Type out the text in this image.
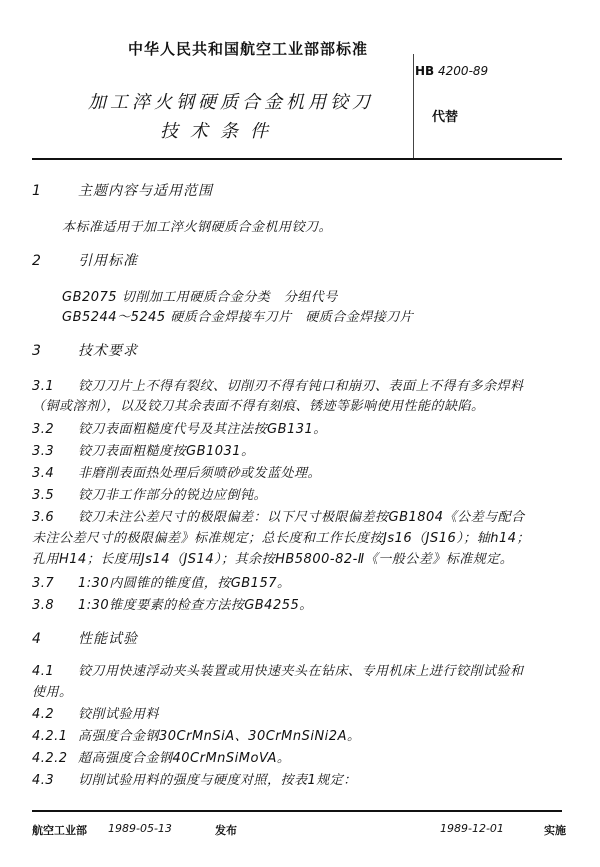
中华人民共和国航空工业部部标准
HB 4200-89
加工淬火钢硬质合金机用铰刀
技术条件
代替
1	主题内容与适用范围
本标准适用于加工淬火钢硬质合金机用铰刀。
2	引用标准
GB2075 切削加工用硬质合金分类　分组代号
GB5244～5245 硬质合金焊接车刀片　硬质合金焊接刀片
3	技术要求
3.1 铰刀刀片上不得有裂纹、切削刃不得有钝口和崩刃、表面上不得有多余焊料
（铜或溶剂），以及铰刀其余表面不得有刻痕、锈迹等影响使用性能的缺陷。
3.2 铰刀表面粗糙度代号及其注法按GB131。
3.3 铰刀表面粗糙度按GB1031。
3.4 非磨削表面热处理后须喷砂或发蓝处理。
3.5 铰刀非工作部分的锐边应倒钝。
3.6 铰刀未注公差尺寸的极限偏差：以下尺寸极限偏差按GB1804《公差与配合
未注公差尺寸的极限偏差》标准规定；总长度和工作长度按Js16（JS16）；轴h14；
孔用H14；长度用Js14（JS14）；其余按HB5800-82-Ⅱ《一般公差》标准规定。
3.7 1:30内圆锥的锥度值，按GB157。
3.8 1:30锥度要素的检查方法按GB4255。
4	性能试验
4.1 铰刀用快速浮动夹头装置或用快速夹头在钻床、专用机床上进行铰削试验和
使用。
4.2 铰削试验用料
4.2.1 高强度合金钢30CrMnSiA、30CrMnSiNi2A。
4.2.2 超高强度合金钢40CrMnSiMoVA。
4.3 切削试验用料的强度与硬度对照，按表1规定：
航空工业部 1989-05-13	发布	1989-12-01	实施
